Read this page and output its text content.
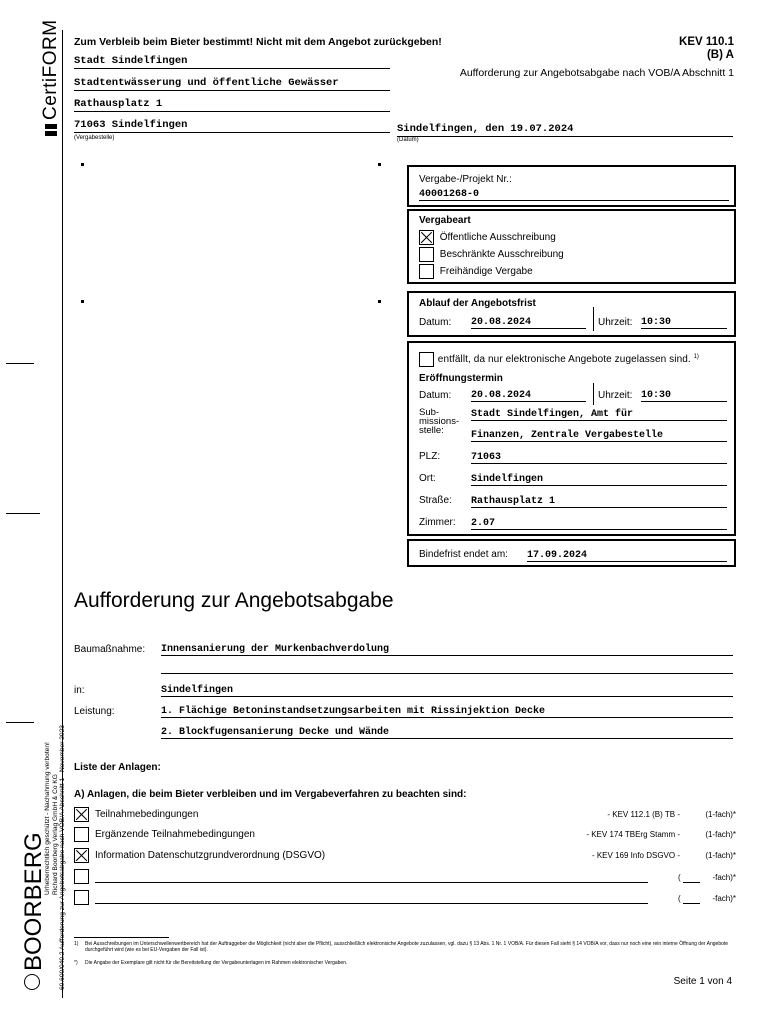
CertiFORM
BOORBERG
Urheberrechtlich geschützt - Nachahmung verboten! Richard Boorberg Verlag GmbH & Co KG 60.600/040.2 Aufforderung zur Angebotsabgabe nach VOB/A Abschnitt 1 - November 2023 -
Zum Verbleib beim Bieter bestimmt! Nicht mit dem Angebot zurückgeben!	KEV 110.1
(B) A
Aufforderung zur Angebotsabgabe nach VOB/A Abschnitt 1
Stadt Sindelfingen
Stadtentwässerung und öffentliche Gewässer
Rathausplatz 1
71063 Sindelfingen
(Vergabestelle)
Sindelfingen, den 19.07.2024
(Datum)
Vergabe-/Projekt Nr.:
40001268-0
Vergabeart
Öffentliche Ausschreibung
Beschränkte Ausschreibung
Freihändige Vergabe
Ablauf der Angebotsfrist
Datum: 20.08.2024	Uhrzeit: 10:30
entfällt, da nur elektronische Angebote zugelassen sind. $^{1)}$
Eröffnungstermin
Datum: 20.08.2024	Uhrzeit: 10:30
Sub-
missions-
stelle:
Stadt Sindelfingen, Amt für
Finanzen, Zentrale Vergabestelle
PLZ:	71063
Ort:	Sindelfingen
Straße: Rathausplatz 1
Zimmer: 2.07
Bindefrist endet am: 17.09.2024
Aufforderung zur Angebotsabgabe
Baumaßnahme: Innensanierung der Murkenbachverdolung
in:	Sindelfingen
Leistung:	1. Flächige Betoninstandsetzungsarbeiten mit Rissinjektion Decke
2. Blockfugensanierung Decke und Wände
Liste der Anlagen:
A) Anlagen, die beim Bieter verbleiben und im Vergabeverfahren zu beachten sind:
Teilnahmebedingungen	- KEV 112.1 (B) TB -	(1-fach)*
Ergänzende Teilnahmebedingungen	- KEV 174 TBErg Stamm -	(1-fach)*
Information Datenschutzgrundverordnung (DSGVO)	- KEV 169 Info DSGVO -	(1-fach)*
(	-fach)*
(	-fach)*
1) Bei Ausschreibungen im Unterschwellenwertbereich hat der Auftraggeber die Möglichkeit (nicht aber die Pflicht), ausschließlich elektronische Angebote zuzulassen, vgl. dazu § 13 Abs. 1 Nr. 1 VOB/A. Für diesen Fall sieht § 14 VOB/A vor, dass nur noch eine rein interne Öffnung der Angebote durchgeführt wird (wie es bei EU-Vergaben der Fall ist).
*) Die Angabe der Exemplare gilt nicht für die Bereitstellung der Vergabeunterlagen im Rahmen elektronischer Vergaben.
Seite 1 von 4
